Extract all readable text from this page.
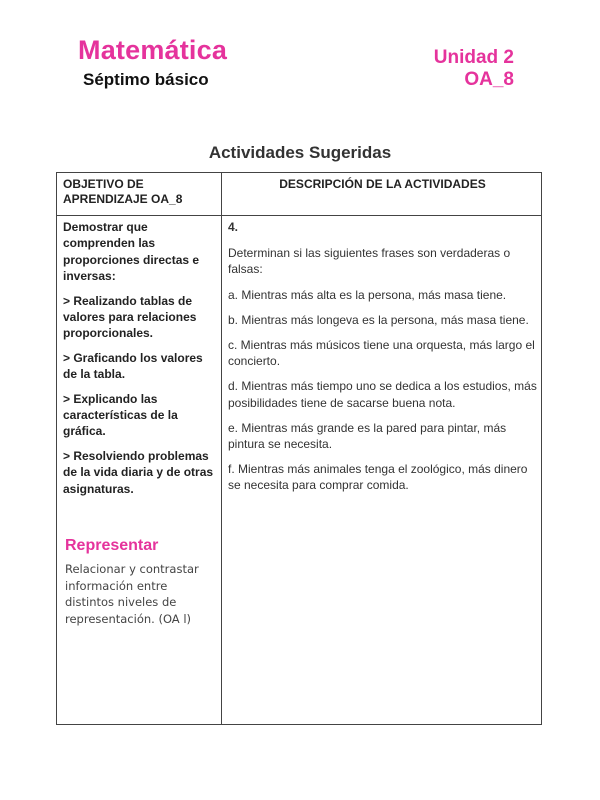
Matemática
Séptimo básico
Unidad 2
OA_8
Actividades Sugeridas
OBJETIVO DE APRENDIZAJE OA_8
DESCRIPCIÓN DE LA ACTIVIDADES

Demostrar que comprenden las proporciones directas e inversas:

> Realizando tablas de valores para relaciones proporcionales.

> Graficando los valores de la tabla.

> Explicando las características de la gráfica.

> Resolviendo problemas de la vida diaria y de otras asignaturas.

Representar
Relacionar y contrastar información entre distintos niveles de representación. (OA l)

4.

Determinan si las siguientes frases son verdaderas o falsas:

a. Mientras más alta es la persona, más masa tiene.

b. Mientras más longeva es la persona, más masa tiene.

c. Mientras más músicos tiene una orquesta, más largo el concierto.

d. Mientras más tiempo uno se dedica a los estudios, más posibilidades tiene de sacarse buena nota.

e. Mientras más grande es la pared para pintar, más pintura se necesita.

f. Mientras más animales tenga el zoológico, más dinero se necesita para comprar comida.
